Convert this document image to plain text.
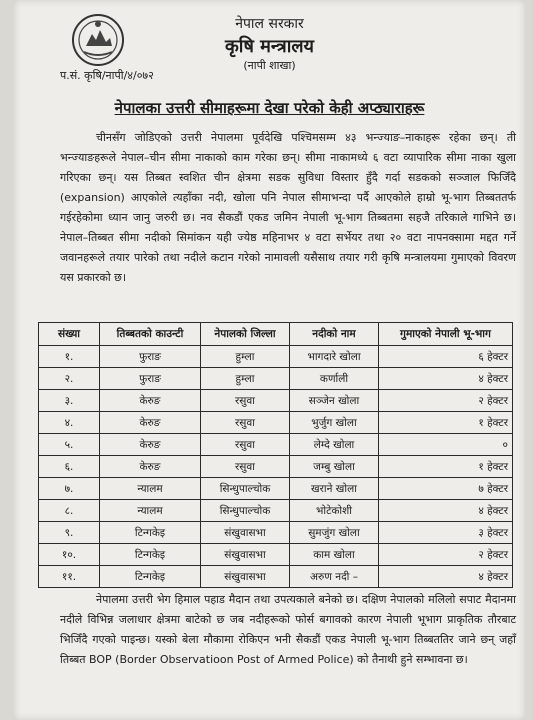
नेपाल सरकार
कृषि मन्त्रालय
(नापी शाखा)
प.सं. कृषि/नापी/४/०७२
नेपालका उत्तरी सीमाहरूमा देखा परेको केही अप्ठ्याराहरू
चीनसँग जोडिएको उत्तरी नेपालमा पूर्वदेखि पश्चिमसम्म ४३ भन्ज्याङ–नाकाहरू रहेका छन्। ती भन्ज्याङहरूले नेपाल–चीन सीमा नाकाको काम गरेका छन्। सीमा नाकामध्ये ६ वटा व्यापारिक सीमा नाका खुला गरिएका छन्। यस तिब्बत स्वशित चीन क्षेत्रमा सडक सुविधा विस्तार हुँदै गर्दा सडकको सञ्जाल फिजिँदै (expansion) आएकोले त्यहाँका नदी, खोला पनि नेपाल सीमाभन्दा पर्दै आएकोले हाम्रो भू-भाग तिब्बततर्फ गईरहेकोमा ध्यान जानु जरुरी छ। नव सैकडौं एकड जमिन नेपाली भू-भाग तिब्बतमा सहजै तरिकाले गाभिने छ। नेपाल–तिब्बत सीमा नदीको सिमांकन यही ज्येष्ठ महिनाभर ४ वटा सर्भेयर तथा २० वटा नापनक्सामा मद्दत गर्ने जवानहरूले तयार पारेको तथा नदीले कटान गरेको नामावली यसैसाथ तयार गरी कृषि मन्त्रालयमा गुमाएको विवरण यस प्रकारको छ।
नेपालमा उत्तरी भेग हिमाल पहाड मैदान तथा उपत्यकाले बनेको छ। दक्षिण नेपालको मलिलो सपाट मैदानमा नदीले विभिन्न जलाधार क्षेत्रमा बाटेको छ जब नदीहरूको फोर्स बगावको कारण नेपाली भूभाग प्राकृतिक तौरबाट भिजिँदै गएको पाइन्छ। यस्को बेला मौकामा रोकिएन भनी सैकडौं एकड नेपाली भू-भाग तिब्बततिर जाने छन् जहाँ तिब्बत BOP (Border Observatioon Post of Armed Police) को तैनाथी हुने सम्भावना छ।
संख्या	तिब्बतको काउन्टी	नेपालको जिल्ला	नदीको नाम	गुमाएको नेपाली भू-भाग
१.	फुराङ	हुम्ला	भागदारे खोला	६ हेक्टर
२.	फुराङ	हुम्ला	कर्णाली	४ हेक्टर
३.	केरुङ	रसुवा	सञ्जेन खोला	२ हेक्टर
४.	केरुङ	रसुवा	भुर्जुग खोला	१ हेक्टर
५.	केरुङ	रसुवा	लेम्दे खोला	०
६.	केरुङ	रसुवा	जम्बु खोला	१ हेक्टर
७.	न्यालम	सिन्धुपाल्चोक	खराने खोला	७ हेक्टर
८.	न्यालम	सिन्धुपाल्चोक	भोटेकोशी	४ हेक्टर
९.	टिन्गकेइ	संखुवासभा	सुमजुंग खोला	३ हेक्टर
१०.	टिन्गकेइ	संखुवासभा	काम खोला	२ हेक्टर
११.	टिन्गकेइ	संखुवासभा	अरुण नदी –	४ हेक्टर
